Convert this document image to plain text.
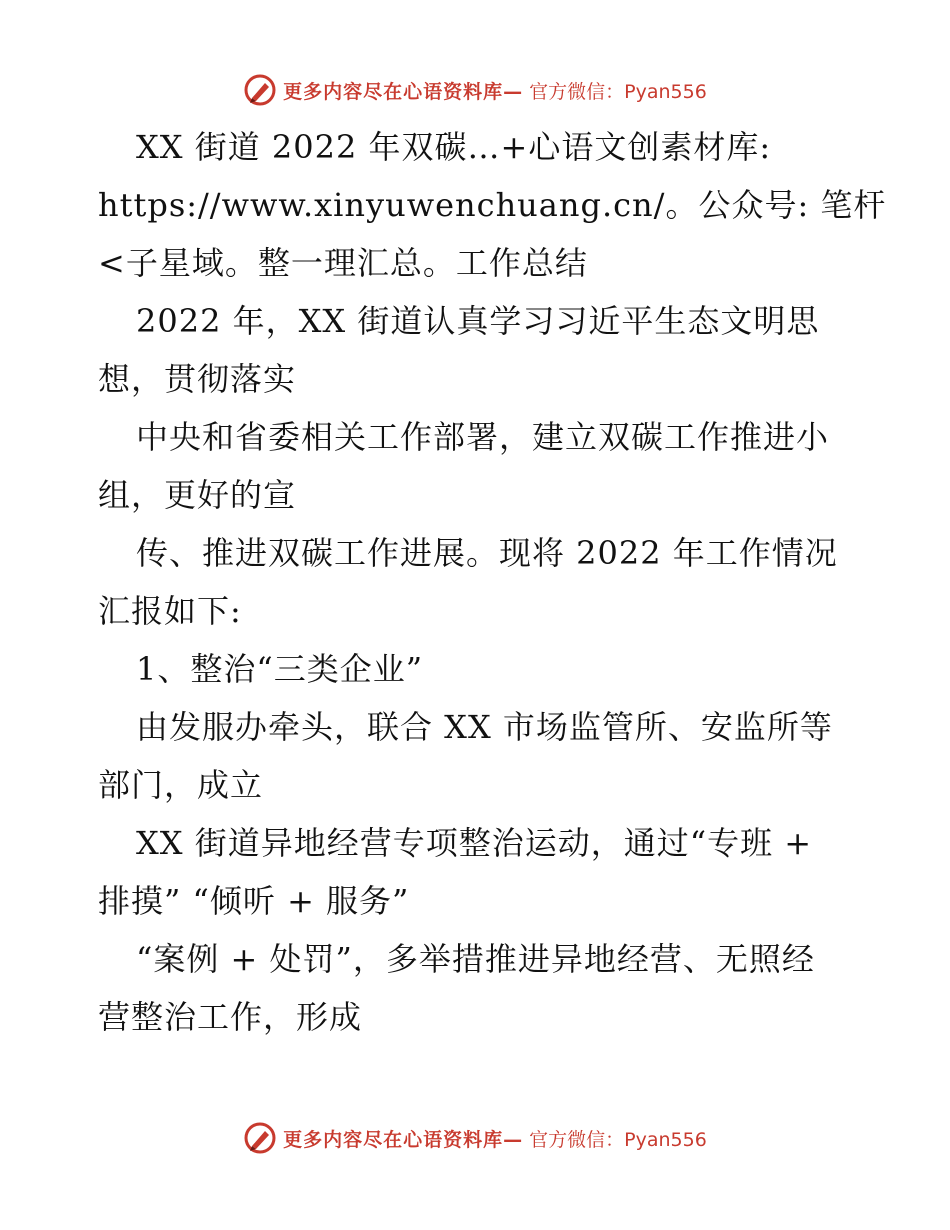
更多内容尽在心语资料库— 官方微信：Pyan556
XX 街道 2022 年双碳…+心语文创素材库:
https://www.xinyuwenchuang.cn/。公众号: 笔杆
<子星域。整一理汇总。工作总结
2022 年，XX 街道认真学习习近平生态文明思
想，贯彻落实
中央和省委相关工作部署，建立双碳工作推进小
组，更好的宣
传、推进双碳工作进展。现将 2022 年工作情况
汇报如下:
1、整治“三类企业”
由发服办牵头，联合 XX 市场监管所、安监所等
部门，成立
XX 街道异地经营专项整治运动，通过“专班 +
排摸” “倾听 + 服务”
“案例 + 处罚”，多举措推进异地经营、无照经
营整治工作，形成
更多内容尽在心语资料库— 官方微信：Pyan556
